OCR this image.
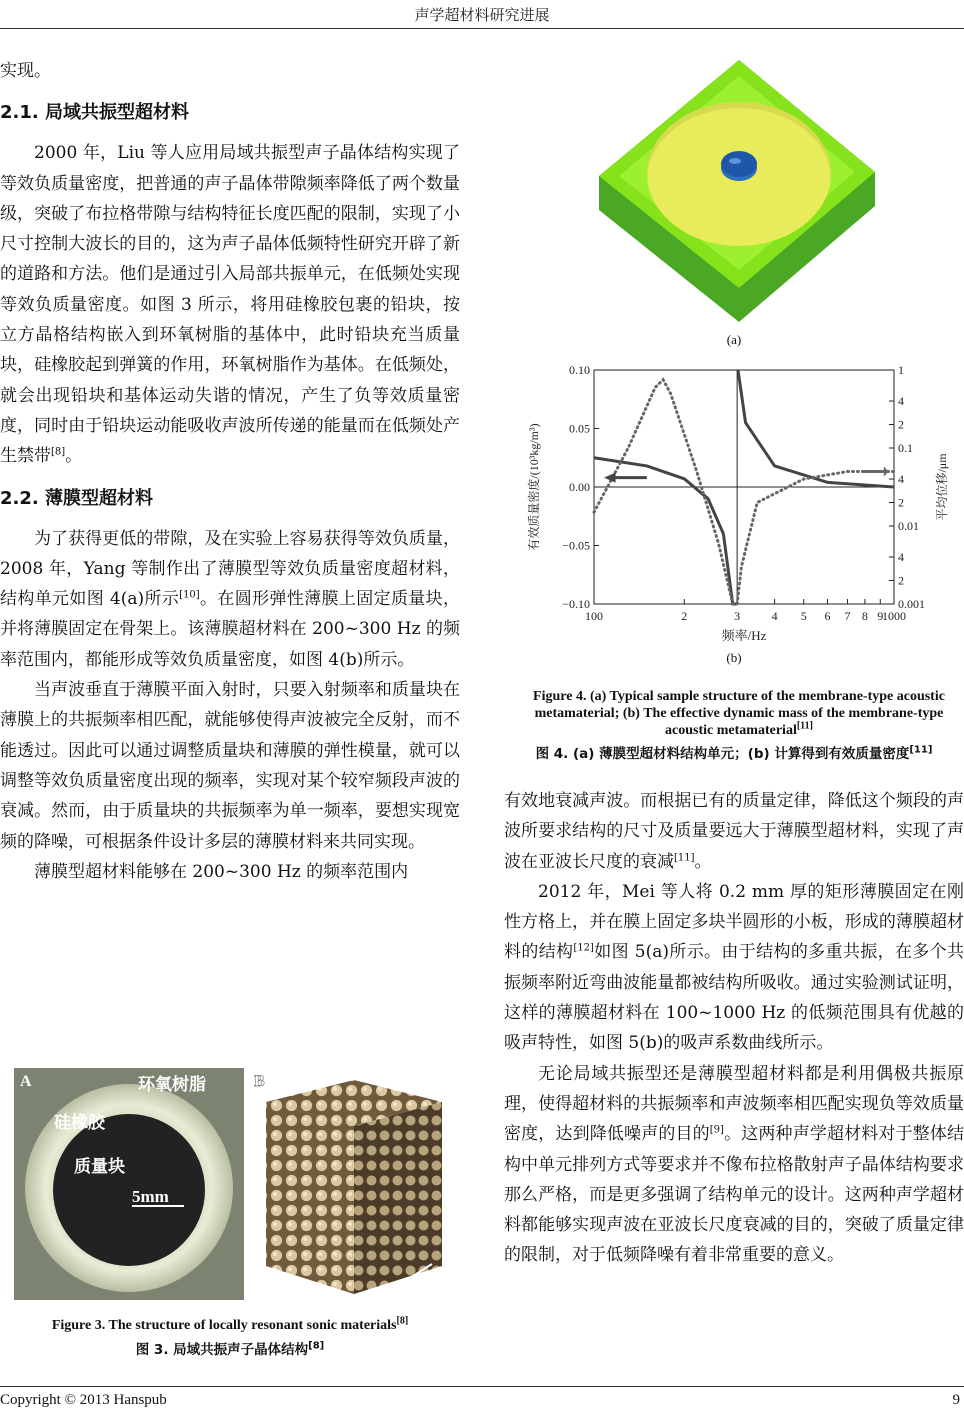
声学超材料研究进展

实现。

2.1. 局域共振型超材料

2000 年，Liu 等人应用局域共振型声子晶体结构实现了等效负质量密度，把普通的声子晶体带隙频率降低了两个数量级，突破了布拉格带隙与结构特征长度匹配的限制，实现了小尺寸控制大波长的目的，这为声子晶体低频特性研究开辟了新的道路和方法。他们是通过引入局部共振单元，在低频处实现等效负质量密度。如图 3 所示，将用硅橡胶包裹的铅块，按立方晶格结构嵌入到环氧树脂的基体中，此时铅块充当质量块，硅橡胶起到弹簧的作用，环氧树脂作为基体。在低频处，就会出现铅块和基体运动失谐的情况，产生了负等效质量密度，同时由于铅块运动能吸收声波所传递的能量而在低频处产生禁带[8]。

2.2. 薄膜型超材料

为了获得更低的带隙，及在实验上容易获得等效负质量，2008 年，Yang 等制作出了薄膜型等效负质量密度超材料，结构单元如图 4(a)所示[10]。在圆形弹性薄膜上固定质量块，并将薄膜固定在骨架上。该薄膜超材料在 200~300 Hz 的频率范围内，都能形成等效负质量密度，如图 4(b)所示。

当声波垂直于薄膜平面入射时，只要入射频率和质量块在薄膜上的共振频率相匹配，就能够使得声波被完全反射，而不能透过。因此可以通过调整质量块和薄膜的弹性模量，就可以调整等效负质量密度出现的频率，实现对某个较窄频段声波的衰减。然而，由于质量块的共振频率为单一频率，要想实现宽频的降噪，可根据条件设计多层的薄膜材料来共同实现。

薄膜型超材料能够在 200~300 Hz 的频率范围内

A	环氧树脂
硅橡胶
质量块
5mm
B
6cm
Figure 3. The structure of locally resonant sonic materials[8]
图 3. 局域共振声子晶体结构[8]
(a)
100	2	3	4 5 6 7 8 9
1000
0.10
0.05
0.00
−0.05
−0.10
1
4
2
0.1
4
2
0.01
4
2
0.001
频率/Hz
有效质量密度/(10³kg/m³)	平均位移/μm
(b)
Figure 4. (a) Typical sample structure of the membrane-type acoustic metamaterial; (b) The effective dynamic mass of the membrane-type acoustic metamaterial[11]
图 4. (a) 薄膜型超材料结构单元；(b) 计算得到有效质量密度[11]

有效地衰减声波。而根据已有的质量定律，降低这个频段的声波所要求结构的尺寸及质量要远大于薄膜型超材料，实现了声波在亚波长尺度的衰减[11]。

2012 年，Mei 等人将 0.2 mm 厚的矩形薄膜固定在刚性方格上，并在膜上固定多块半圆形的小板，形成的薄膜超材料的结构[12]如图 5(a)所示。由于结构的多重共振，在多个共振频率附近弯曲波能量都被结构所吸收。通过实验测试证明，这样的薄膜超材料在 100~1000 Hz 的低频范围具有优越的吸声特性，如图 5(b)的吸声系数曲线所示。

无论局域共振型还是薄膜型超材料都是利用偶极共振原理，使得超材料的共振频率和声波频率相匹配实现负等效质量密度，达到降低噪声的目的[9]。这两种声学超材料对于整体结构中单元排列方式等要求并不像布拉格散射声子晶体结构要求那么严格，而是更多强调了结构单元的设计。这两种声学超材料都能够实现声波在亚波长尺度衰减的目的，突破了质量定律的限制，对于低频降噪有着非常重要的意义。

Copyright © 2013 Hanspub	9
